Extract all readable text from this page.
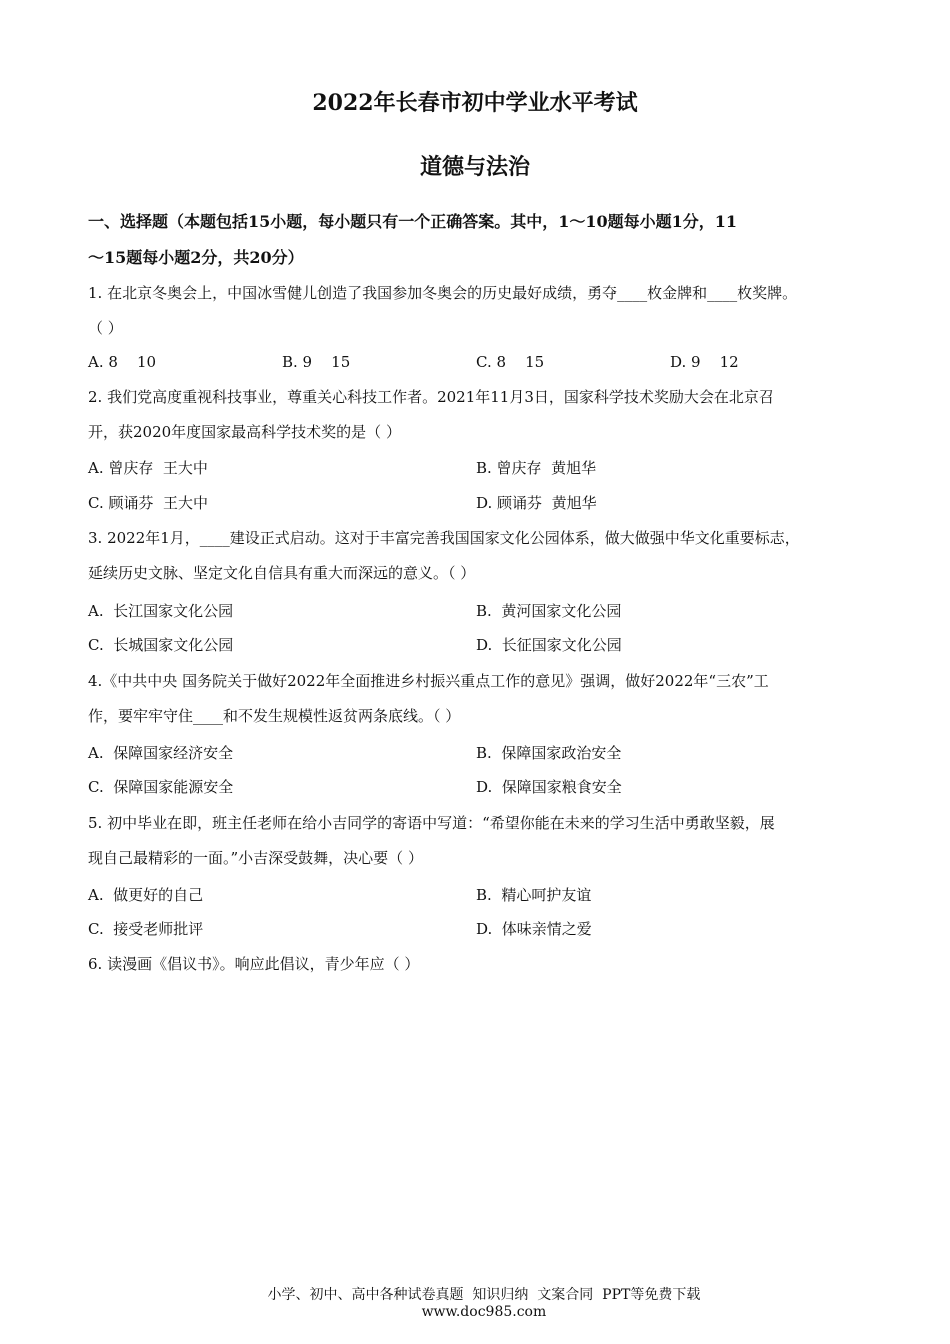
2022年长春市初中学业水平考试
道德与法治
一、选择题（本题包括15小题，每小题只有一个正确答案。其中，1～10题每小题1分，11
～15题每小题2分，共20分）

1. 在北京冬奥会上，中国冰雪健儿创造了我国参加冬奥会的历史最好成绩，勇夺____枚金牌和____枚奖牌。

（ ）

A. 8    10	B. 9    15	C. 8    15	D. 9    12

2. 我们党高度重视科技事业，尊重关心科技工作者。2021年11月3日，国家科学技术奖励大会在北京召

开，获2020年度国家最高科学技术奖的是（ ）

A. 曾庆存  王大中	B. 曾庆存  黄旭华
C. 顾诵芬  王大中	D. 顾诵芬  黄旭华

3. 2022年1月，____建设正式启动。这对于丰富完善我国国家文化公园体系，做大做强中华文化重要标志，

延续历史文脉、坚定文化自信具有重大而深远的意义。（ ）

A.  长江国家文化公园	B.  黄河国家文化公园
C.  长城国家文化公园	D.  长征国家文化公园

4.《中共中央 国务院关于做好2022年全面推进乡村振兴重点工作的意见》强调，做好2022年“三农”工

作，要牢牢守住____和不发生规模性返贫两条底线。（ ）

A.  保障国家经济安全	B.  保障国家政治安全
C.  保障国家能源安全	D.  保障国家粮食安全

5. 初中毕业在即，班主任老师在给小吉同学的寄语中写道：“希望你能在未来的学习生活中勇敢坚毅，展

现自己最精彩的一面。”小吉深受鼓舞，决心要（ ）

A.  做更好的自己	B.  精心呵护友谊
C.  接受老师批评	D.  体味亲情之爱

6. 读漫画《倡议书》。响应此倡议，青少年应（ ）

小学、初中、高中各种试卷真题  知识归纳  文案合同  PPT等免费下载
www.doc985.com
